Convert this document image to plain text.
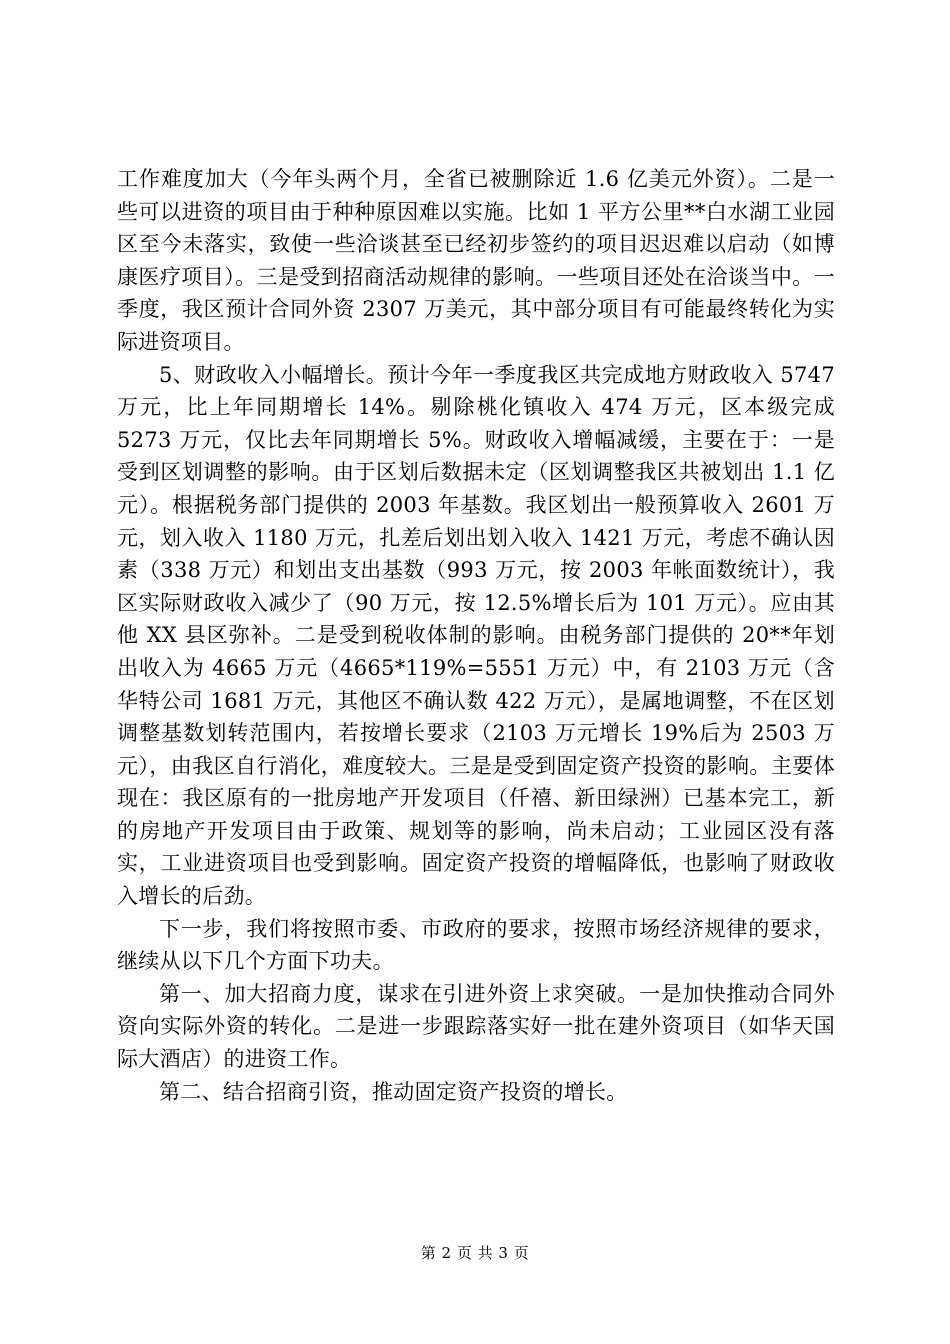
工作难度加大（今年头两个月，全省已被删除近 1.6 亿美元外资）。二是一些可以进资的项目由于种种原因难以实施。比如 1 平方公里**白水湖工业园区至今未落实，致使一些洽谈甚至已经初步签约的项目迟迟难以启动（如博康医疗项目）。三是受到招商活动规律的影响。一些项目还处在洽谈当中。一季度，我区预计合同外资 2307 万美元，其中部分项目有可能最终转化为实际进资项目。

5、财政收入小幅增长。预计今年一季度我区共完成地方财政收入 5747 万元，比上年同期增长 14%。剔除桃化镇收入 474 万元，区本级完成 5273 万元，仅比去年同期增长 5%。财政收入增幅减缓，主要在于：一是受到区划调整的影响。由于区划后数据未定（区划调整我区共被划出 1.1 亿元）。根据税务部门提供的 2003 年基数。我区划出一般预算收入 2601 万元，划入收入 1180 万元，扎差后划出划入收入 1421 万元，考虑不确认因素（338 万元）和划出支出基数（993 万元，按 2003 年帐面数统计），我区实际财政收入减少了（90 万元，按 12.5%增长后为 101 万元）。应由其他 XX 县区弥补。二是受到税收体制的影响。由税务部门提供的 20**年划出收入为 4665 万元（4665*119%=5551 万元）中，有 2103 万元（含华特公司 1681 万元，其他区不确认数 422 万元），是属地调整，不在区划调整基数划转范围内，若按增长要求（2103 万元增长 19%后为 2503 万元），由我区自行消化，难度较大。三是是受到固定资产投资的影响。主要体现在：我区原有的一批房地产开发项目（仟禧、新田绿洲）已基本完工，新的房地产开发项目由于政策、规划等的影响，尚未启动；工业园区没有落实，工业进资项目也受到影响。固定资产投资的增幅降低，也影响了财政收入增长的后劲。

下一步，我们将按照市委、市政府的要求，按照市场经济规律的要求，继续从以下几个方面下功夫。

第一、加大招商力度，谋求在引进外资上求突破。一是加快推动合同外资向实际外资的转化。二是进一步跟踪落实好一批在建外资项目（如华天国际大酒店）的进资工作。

第二、结合招商引资，推动固定资产投资的增长。

第 2 页 共 3 页
